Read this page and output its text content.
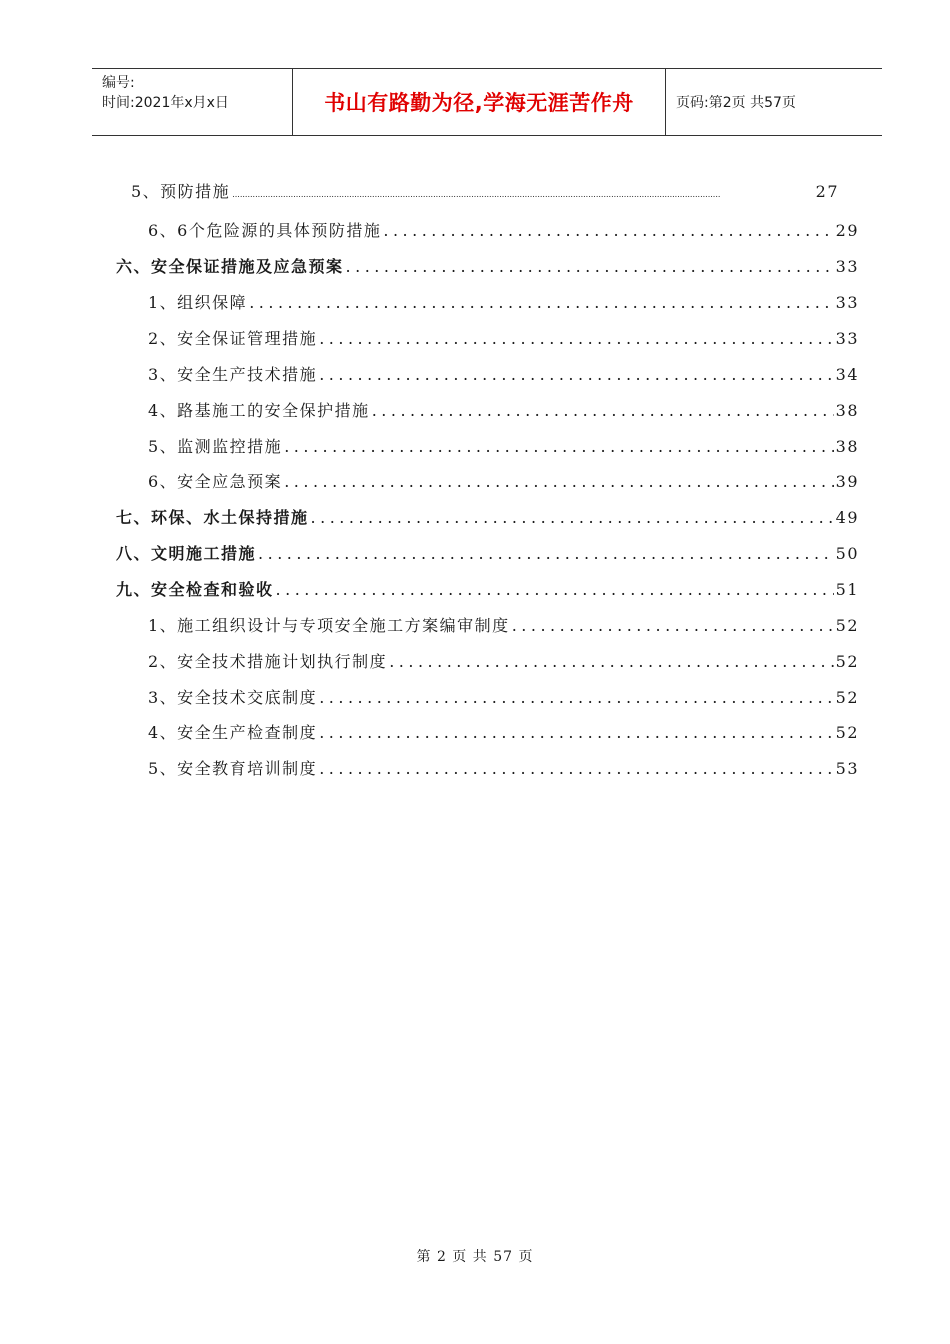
编号:
时间:2021年x月x日	书山有路勤为径,学海无涯苦作舟	页码:第2页 共57页
5、预防措施 .....	27
6、6个危险源的具体预防措施 .....	29
六、安全保证措施及应急预案 .....	33
1、组织保障 .....	33
2、安全保证管理措施 .....	33
3、安全生产技术措施 .....	34
4、路基施工的安全保护措施 .....	38
5、监测监控措施 .....	38
6、安全应急预案 .....	39
七、环保、水土保持措施 .....	49
八、文明施工措施 .....	50
九、安全检查和验收 .....	51
1、施工组织设计与专项安全施工方案编审制度 .....	52
2、安全技术措施计划执行制度 .....	52
3、安全技术交底制度 .....	52
4、安全生产检查制度 .....	52
5、安全教育培训制度 .....	53
第 2 页 共 57 页
